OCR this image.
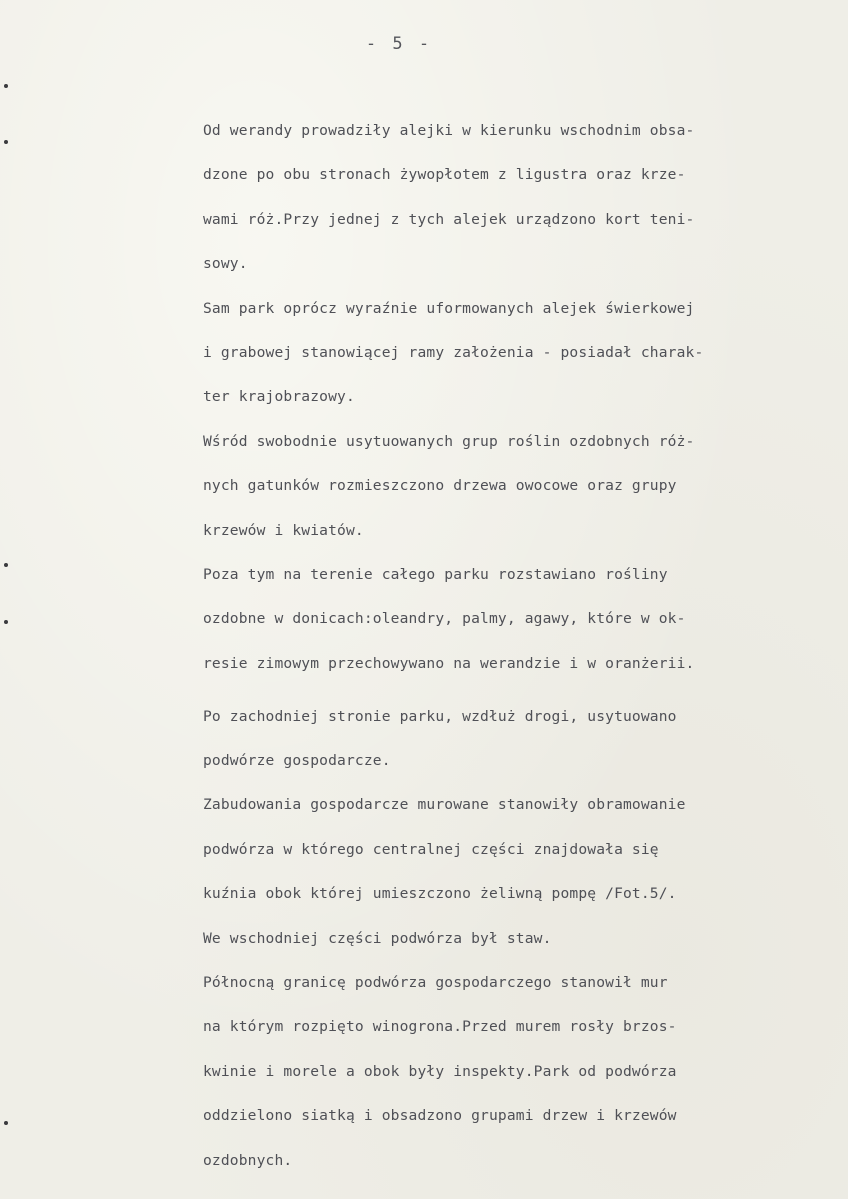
- 5 -
Od werandy prowadziły alejki w kierunku wschodnim obsa-
dzone po obu stronach żywopłotem z ligustra oraz krze-
wami róż.Przy jednej z tych alejek urządzono kort teni-
sowy.
Sam park oprócz wyraźnie uformowanych alejek świerkowej
i grabowej stanowiącej ramy założenia - posiadał charak-
ter krajobrazowy.
Wśród swobodnie usytuowanych grup roślin ozdobnych róż-
nych gatunków rozmieszczono drzewa owocowe oraz grupy
krzewów i kwiatów.
Poza tym na terenie całego parku rozstawiano rośliny
ozdobne w donicach:oleandry, palmy, agawy, które w ok-
resie zimowym przechowywano na werandzie i w oranżerii.
Po zachodniej stronie parku, wzdłuż drogi, usytuowano
podwórze gospodarcze.
Zabudowania gospodarcze murowane stanowiły obramowanie
podwórza w którego centralnej części znajdowała się
kuźnia obok której umieszczono żeliwną pompę /Fot.5/.
We wschodniej części podwórza był staw.
Północną granicę podwórza gospodarczego stanowił mur
na którym rozpięto winogrona.Przed murem rosły brzos-
kwinie i morele a obok były inspekty.Park od podwórza
oddzielono siatką i obsadzono grupami drzew i krzewów
ozdobnych.
